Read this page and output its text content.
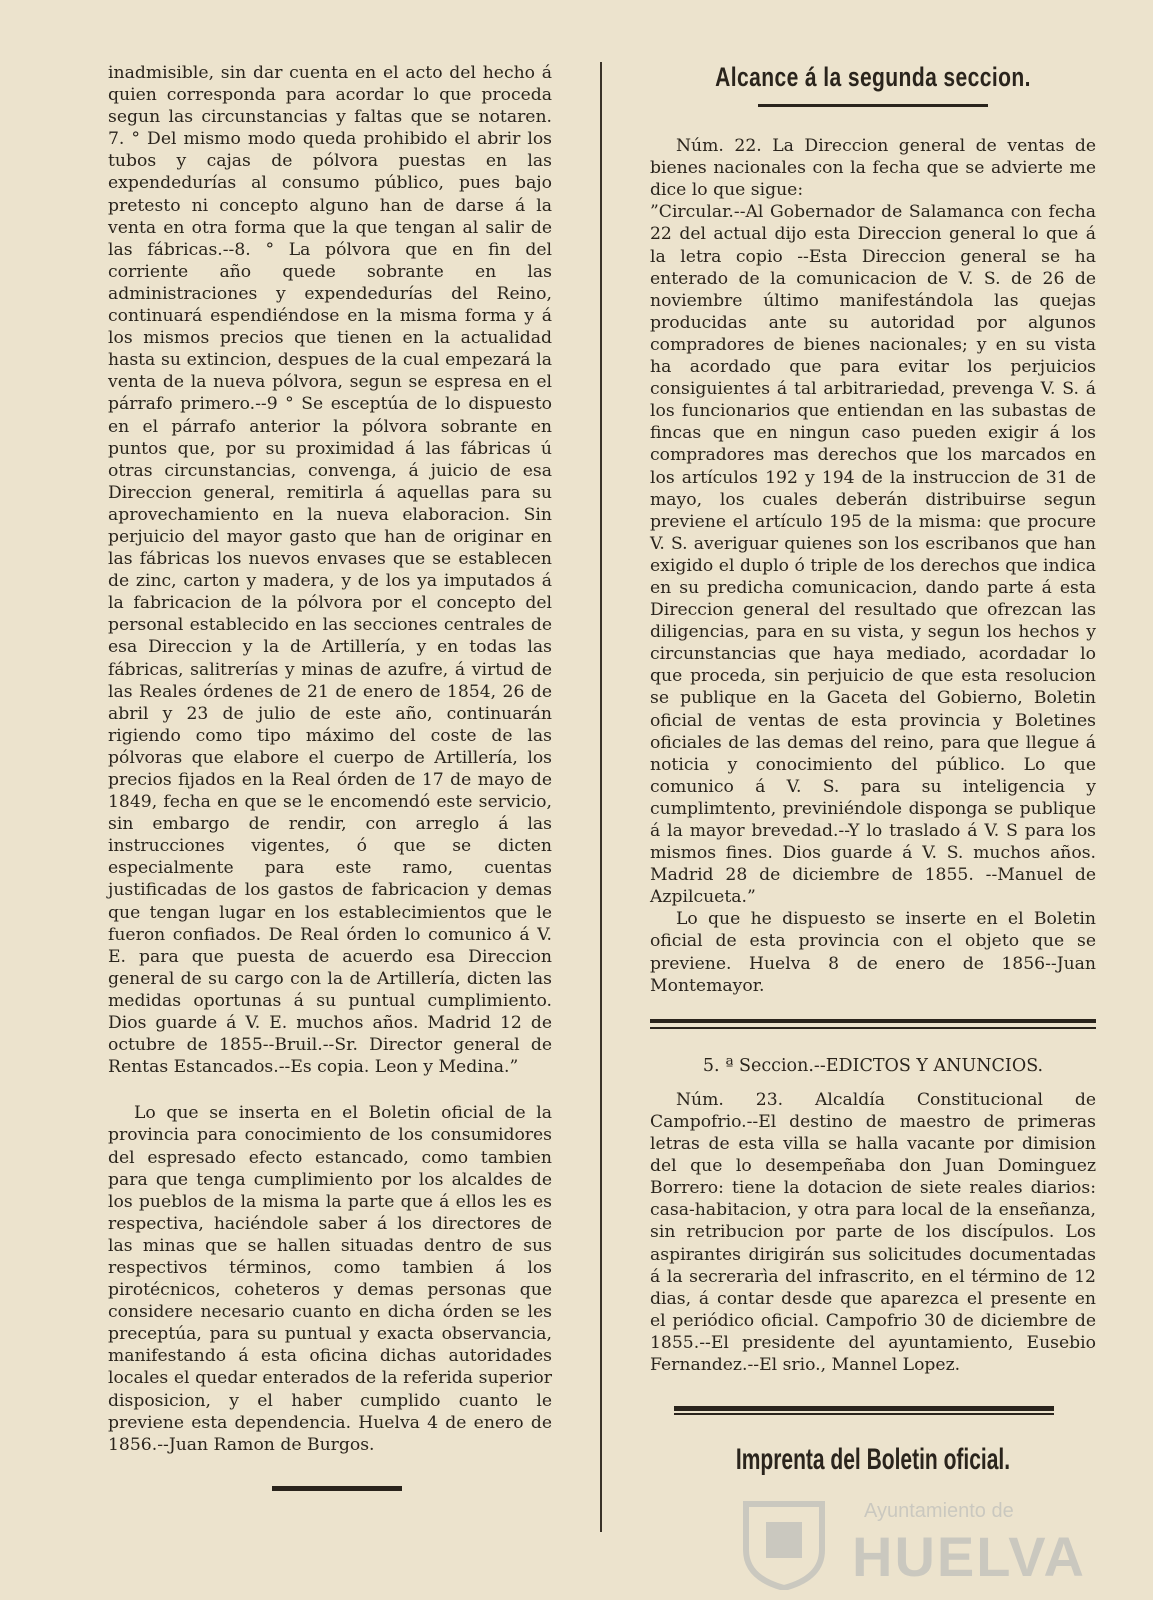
inadmisible, sin dar cuenta en el acto del hecho á quien corresponda para acordar lo que proceda segun las circunstancias y faltas que se notaren. 7. ° Del mismo modo queda prohibido el abrir los tubos y cajas de pólvora puestas en las expendedurías al consumo público, pues bajo pretesto ni concepto alguno han de darse á la venta en otra forma que la que tengan al salir de las fábricas.--8. ° La pólvora que en fin del corriente año quede sobrante en las administraciones y expendedurías del Reino, continuará espendiéndose en la misma forma y á los mismos precios que tienen en la actualidad hasta su extincion, despues de la cual empezará la venta de la nueva pólvora, segun se espresa en el párrafo primero.--9 ° Se esceptúa de lo dispuesto en el párrafo anterior la pólvora sobrante en puntos que, por su proximidad á las fábricas ú otras circunstancias, convenga, á juicio de esa Direccion general, remitirla á aquellas para su aprovechamiento en la nueva elaboracion. Sin perjuicio del mayor gasto que han de originar en las fábricas los nuevos envases que se establecen de zinc, carton y madera, y de los ya imputados á la fabricacion de la pólvora por el concepto del personal establecido en las secciones centrales de esa Direccion y la de Artillería, y en todas las fábricas, salitrerías y minas de azufre, á virtud de las Reales órdenes de 21 de enero de 1854, 26 de abril y 23 de julio de este año, continuarán rigiendo como tipo máximo del coste de las pólvoras que elabore el cuerpo de Artillería, los precios fijados en la Real órden de 17 de mayo de 1849, fecha en que se le encomendó este servicio, sin embargo de rendir, con arreglo á las instrucciones vigentes, ó que se dicten especialmente para este ramo, cuentas justificadas de los gastos de fabricacion y demas que tengan lugar en los establecimientos que le fueron confiados. De Real órden lo comunico á V. E. para que puesta de acuerdo esa Direccion general de su cargo con la de Artillería, dicten las medidas oportunas á su puntual cumplimiento. Dios guarde á V. E. muchos años. Madrid 12 de octubre de 1855--Bruil.--Sr. Director general de Rentas Estancados.--Es copia. Leon y Medina.”

Lo que se inserta en el Boletin oficial de la provincia para conocimiento de los consumidores del espresado efecto estancado, como tambien para que tenga cumplimiento por los alcaldes de los pueblos de la misma la parte que á ellos les es respectiva, haciéndole saber á los directores de las minas que se hallen situadas dentro de sus respectivos términos, como tambien á los pirotécnicos, coheteros y demas personas que considere necesario cuanto en dicha órden se les preceptúa, para su puntual y exacta observancia, manifestando á esta oficina dichas autoridades locales el quedar enterados de la referida superior disposicion, y el haber cumplido cuanto le previene esta dependencia. Huelva 4 de enero de 1856.--Juan Ramon de Burgos.

Alcance á la segunda seccion.

Núm. 22. La Direccion general de ventas de bienes nacionales con la fecha que se advierte me dice lo que sigue:

”Circular.--Al Gobernador de Salamanca con fecha 22 del actual dijo esta Direccion general lo que á la letra copio --Esta Direccion general se ha enterado de la comunicacion de V. S. de 26 de noviembre último manifestándola las quejas producidas ante su autoridad por algunos compradores de bienes nacionales; y en su vista ha acordado que para evitar los perjuicios consiguientes á tal arbitrariedad, prevenga V. S. á los funcionarios que entiendan en las subastas de fincas que en ningun caso pueden exigir á los compradores mas derechos que los marcados en los artículos 192 y 194 de la instruccion de 31 de mayo, los cuales deberán distribuirse segun previene el artículo 195 de la misma: que procure V. S. averiguar quienes son los escribanos que han exigido el duplo ó triple de los derechos que indica en su predicha comunicacion, dando parte á esta Direccion general del resultado que ofrezcan las diligencias, para en su vista, y segun los hechos y circunstancias que haya mediado, acordadar lo que proceda, sin perjuicio de que esta resolucion se publique en la Gaceta del Gobierno, Boletin oficial de ventas de esta provincia y Boletines oficiales de las demas del reino, para que llegue á noticia y conocimiento del público. Lo que comunico á V. S. para su inteligencia y cumplimtento, previniéndole disponga se publique á la mayor brevedad.--Y lo traslado á V. S para los mismos fines. Dios guarde á V. S. muchos años. Madrid 28 de diciembre de 1855. --Manuel de Azpilcueta.”

Lo que he dispuesto se inserte en el Boletin oficial de esta provincia con el objeto que se previene. Huelva 8 de enero de 1856--Juan Montemayor.

5. ª Seccion.--EDICTOS Y ANUNCIOS.

Núm. 23. Alcaldía Constitucional de Campofrio.--El destino de maestro de primeras letras de esta villa se halla vacante por dimision del que lo desempeñaba don Juan Dominguez Borrero: tiene la dotacion de siete reales diarios: casa-habitacion, y otra para local de la enseñanza, sin retribucion por parte de los discípulos. Los aspirantes dirigirán sus solicitudes documentadas á la secrerarìa del infrascrito, en el término de 12 dias, á contar desde que aparezca el presente en el periódico oficial. Campofrio 30 de diciembre de 1855.--El presidente del ayuntamiento, Eusebio Fernandez.--El srio., Mannel Lopez.

Imprenta del Boletin oficial.
Ayuntamiento de
HUELVA
